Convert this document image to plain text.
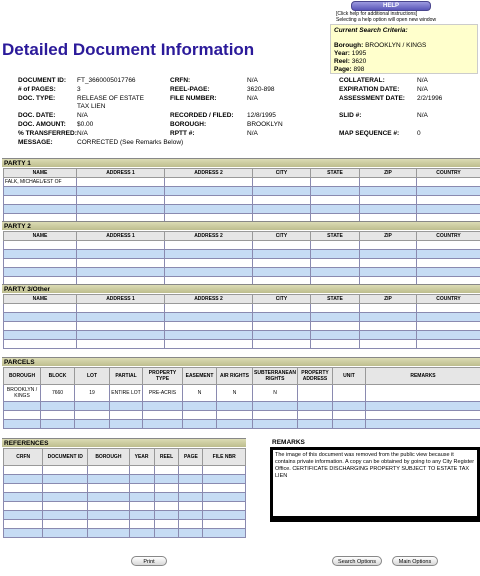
HELP
[Click help for additional instructions]
Selecting a help option will open new window
Current Search Criteria:
Borough: BROOKLYN / KINGS
Year: 1995
Reel: 3620
Page: 898
Detailed Document Information
DOCUMENT ID: FT_3660005017766
# of PAGES:	3
DOC. TYPE:	RELEASE OF ESTATE TAX LIEN
DOC. DATE:	N/A
DOC. AMOUNT: $0.00
% TRANSFERRED: N/A
MESSAGE:	CORRECTED (See Remarks Below)
CRFN:	N/A
REEL-PAGE:	3620-898
FILE NUMBER:	N/A
RECORDED / FILED: 12/8/1995
BOROUGH:	BROOKLYN
RPTT #:	N/A
COLLATERAL:	N/A
EXPIRATION DATE:	N/A
ASSESSMENT DATE: 2/2/1996
SLID #:	N/A
MAP SEQUENCE #:	0
PARTY 1
NAME	ADDRESS 1	ADDRESS 2	CITY	STATE	ZIP	COUNTRY
FALK, MICHAEL/EST OF						

PARTY 2
NAME	ADDRESS 1	ADDRESS 2	CITY	STATE	ZIP	COUNTRY

PARTY 3/Other
NAME	ADDRESS 1	ADDRESS 2	CITY	STATE	ZIP	COUNTRY

PARCELS
BOROUGH	BLOCK	LOT	PARTIAL	PROPERTY TYPE	EASEMENT	AIR RIGHTS	SUBTERRANEAN RIGHTS	PROPERTY ADDRESS	UNIT	REMARKS
BROOKLYN / KINGS	7660	19	ENTIRE LOT	PRE-ACRIS	N	N	N			

REFERENCES
CRFN	DOCUMENT ID	BOROUGH	YEAR	REEL	PAGE	FILE NBR

REMARKS
The image of this document was removed from the public view because it contains private information. A copy can be obtained by going to any City Register Office. CERTIFICATE DISCHARGING PROPERTY SUBJECT TO ESTATE TAX LIEN
Print	Search Options	Main Options
